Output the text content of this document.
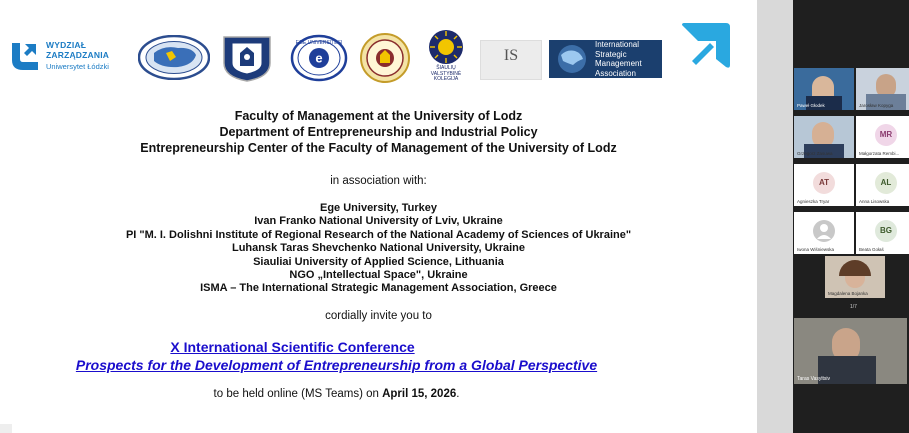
WYDZIAŁ
ZARZĄDZANIA
Uniwersytet Łódzki
e
EGE UNIVERSITESI
ŠIAULIŲ
VALSTYBINĖ
KOLEGIJA
IS
International
Strategic
Management
Association
Faculty of Management at the University of Lodz
Department of Entrepreneurship and Industrial Policy
Entrepreneurship Center of the Faculty of Management of the University of Lodz
in association with:
Ege University, Turkey
Ivan Franko National University of Lviv, Ukraine
PI "M. I. Dolishni Institute of Regional Research of the National Academy of Sciences of Ukraine"
Luhansk Taras Shevchenko National University, Ukraine
Siauliai University of Applied Science, Lithuania
NGO „Intellectual Space", Ukraine
ISMA – The International Strategic Management Association, Greece
cordially invite you to
X International Scientific Conference
Prospects for the Development of Entrepreneurship from a Global Perspective
to be held online (MS Teams) on April 15, 2026.
Paweł Głodek	Jarosław Kopyga
Grzegorz Zasuwa
MR
Małgorzata Rembi...
AT
Agnieszka Tryar
AL
Anna Lisowska
Iwona Wiśniewska
BG
Beata Gołaś
Magdalena Bojanka
1/7
Taras Vasyltsiv
